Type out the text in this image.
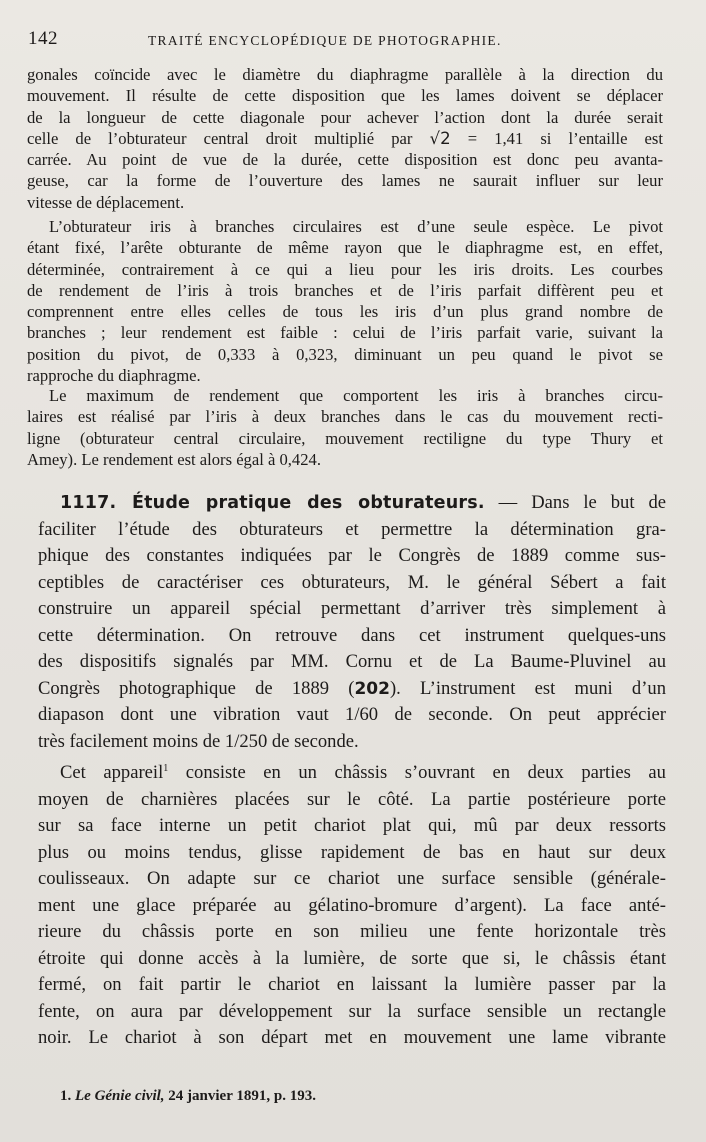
142	TRAITÉ ENCYCLOPÉDIQUE DE PHOTOGRAPHIE.
gonales coïncide avec le diamètre du diaphragme parallèle à la direction du
mouvement. Il résulte de cette disposition que les lames doivent se déplacer
de la longueur de cette diagonale pour achever l’action dont la durée serait
celle de l’obturateur central droit multiplié par √2 = 1,41 si l’entaille est
carrée. Au point de vue de la durée, cette disposition est donc peu avanta-
geuse, car la forme de l’ouverture des lames ne saurait influer sur leur
vitesse de déplacement.
L’obturateur iris à branches circulaires est d’une seule espèce. Le pivot
étant fixé, l’arête obturante de même rayon que le diaphragme est, en effet,
déterminée, contrairement à ce qui a lieu pour les iris droits. Les courbes
de rendement de l’iris à trois branches et de l’iris parfait diffèrent peu et
comprennent entre elles celles de tous les iris d’un plus grand nombre de
branches ; leur rendement est faible : celui de l’iris parfait varie, suivant la
position du pivot, de 0,333 à 0,323, diminuant un peu quand le pivot se
rapproche du diaphragme.
Le maximum de rendement que comportent les iris à branches circu-
laires est réalisé par l’iris à deux branches dans le cas du mouvement recti-
ligne (obturateur central circulaire, mouvement rectiligne du type Thury et
Amey). Le rendement est alors égal à 0,424.
1117. Étude pratique des obturateurs. — Dans le but de
faciliter l’étude des obturateurs et permettre la détermination gra-
phique des constantes indiquées par le Congrès de 1889 comme sus-
ceptibles de caractériser ces obturateurs, M. le général Sébert a fait
construire un appareil spécial permettant d’arriver très simplement à
cette détermination. On retrouve dans cet instrument quelques-uns
des dispositifs signalés par MM. Cornu et de La Baume-Pluvinel au
Congrès photographique de 1889 (202). L’instrument est muni d’un
diapason dont une vibration vaut 1/60 de seconde. On peut apprécier
très facilement moins de 1/250 de seconde.
Cet appareil$^1$ consiste en un châssis s’ouvrant en deux parties au
moyen de charnières placées sur le côté. La partie postérieure porte
sur sa face interne un petit chariot plat qui, mû par deux ressorts
plus ou moins tendus, glisse rapidement de bas en haut sur deux
coulisseaux. On adapte sur ce chariot une surface sensible (générale-
ment une glace préparée au gélatino-bromure d’argent). La face anté-
rieure du châssis porte en son milieu une fente horizontale très
étroite qui donne accès à la lumière, de sorte que si, le châssis étant
fermé, on fait partir le chariot en laissant la lumière passer par la
fente, on aura par développement sur la surface sensible un rectangle
noir. Le chariot à son départ met en mouvement une lame vibrante
1. Le Génie civil, 24 janvier 1891, p. 193.
